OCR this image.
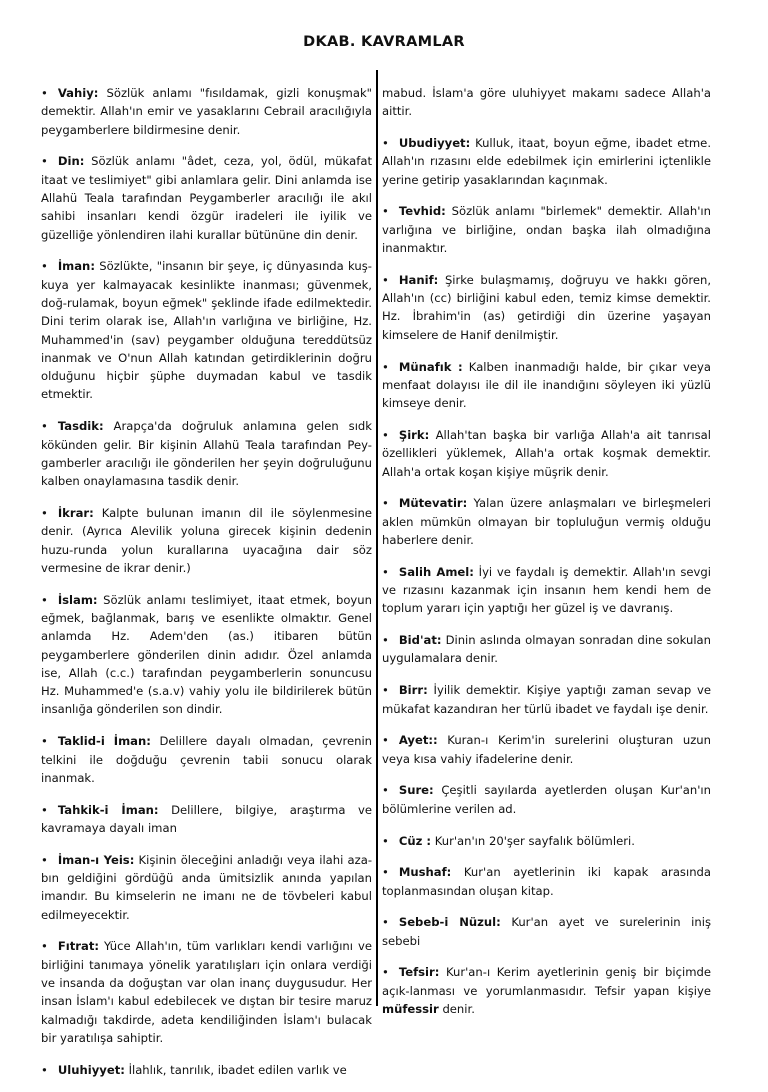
DKAB. KAVRAMLAR
• Vahiy: Sözlük anlamı "fısıldamak, gizli konuşmak" demektir. Allah'ın emir ve yasaklarını Cebrail aracılığıyla peygamberlere bildirmesine denir.
• Din: Sözlük anlamı "âdet, ceza, yol, ödül, mükafat itaat ve teslimiyet" gibi anlamlara gelir. Dini anlamda ise Allahü Teala tarafından Peygamberler aracılığı ile akıl sahibi insanları kendi özgür iradeleri ile iyilik ve güzelliğe yönlendiren ilahi kurallar bütününe din denir.
• İman: Sözlükte, "insanın bir şeye, iç dünyasında kuş-kuya yer kalmayacak kesinlikte inanması; güvenmek, doğ-rulamak, boyun eğmek" şeklinde ifade edilmektedir. Dini terim olarak ise, Allah'ın varlığına ve birliğine, Hz. Muhammed'in (sav) peygamber olduğuna tereddütsüz inanmak ve O'nun Allah katından getirdiklerinin doğru olduğunu hiçbir şüphe duymadan kabul ve tasdik etmektir.
• Tasdik: Arapça'da doğruluk anlamına gelen sıdk kökünden gelir. Bir kişinin Allahü Teala tarafından Pey-gamberler aracılığı ile gönderilen her şeyin doğruluğunu kalben onaylamasına tasdik denir.
• İkrar: Kalpte bulunan imanın dil ile söylenmesine denir. (Ayrıca Alevilik yoluna girecek kişinin dedenin huzu-runda yolun kurallarına uyacağına dair söz vermesine de ikrar denir.)
• İslam: Sözlük anlamı teslimiyet, itaat etmek, boyun eğmek, bağlanmak, barış ve esenlikte olmaktır. Genel anlamda Hz. Adem'den (as.) itibaren bütün peygamberlere gönderilen dinin adıdır. Özel anlamda ise, Allah (c.c.) tarafından peygamberlerin sonuncusu Hz. Muhammed'e (s.a.v) vahiy yolu ile bildirilerek bütün insanlığa gönderilen son dindir.
• Taklid-i İman: Delillere dayalı olmadan, çevrenin telkini ile doğduğu çevrenin tabii sonucu olarak inanmak.
• Tahkik-i İman: Delillere, bilgiye, araştırma ve kavramaya dayalı iman
• İman-ı Yeis: Kişinin öleceğini anladığı veya ilahi aza-bın geldiğini gördüğü anda ümitsizlik anında yapılan imandır. Bu kimselerin ne imanı ne de tövbeleri kabul edilmeyecektir.
• Fıtrat: Yüce Allah'ın, tüm varlıkları kendi varlığını ve birliğini tanımaya yönelik yaratılışları için onlara verdiği ve insanda da doğuştan var olan inanç duygusudur. Her insan İslam'ı kabul edebilecek ve dıştan bir tesire maruz kalmadığı takdirde, adeta kendiliğinden İslam'ı bulacak bir yaratılışa sahiptir.
• Uluhiyyet: İlahlık, tanrılık, ibadet edilen varlık ve
mabud. İslam'a göre uluhiyyet makamı sadece Allah'a aittir.
• Ubudiyyet: Kulluk, itaat, boyun eğme, ibadet etme. Allah'ın rızasını elde edebilmek için emirlerini içtenlikle yerine getirip yasaklarından kaçınmak.
• Tevhid: Sözlük anlamı "birlemek" demektir. Allah'ın varlığına ve birliğine, ondan başka ilah olmadığına inanmaktır.
• Hanif: Şirke bulaşmamış, doğruyu ve hakkı gören, Allah'ın (cc) birliğini kabul eden, temiz kimse demektir. Hz. İbrahim'in (as) getirdiği din üzerine yaşayan kimselere de Hanif denilmiştir.
• Münafık : Kalben inanmadığı halde, bir çıkar veya menfaat dolayısı ile dil ile inandığını söyleyen iki yüzlü kimseye denir.
• Şirk: Allah'tan başka bir varlığa Allah'a ait tanrısal özellikleri yüklemek, Allah'a ortak koşmak demektir. Allah'a ortak koşan kişiye müşrik denir.
• Mütevatir: Yalan üzere anlaşmaları ve birleşmeleri aklen mümkün olmayan bir topluluğun vermiş olduğu haberlere denir.
• Salih Amel: İyi ve faydalı iş demektir. Allah'ın sevgi ve rızasını kazanmak için insanın hem kendi hem de toplum yararı için yaptığı her güzel iş ve davranış.
• Bid'at: Dinin aslında olmayan sonradan dine sokulan uygulamalara denir.
• Birr: İyilik demektir. Kişiye yaptığı zaman sevap ve mükafat kazandıran her türlü ibadet ve faydalı işe denir.
• Ayet:: Kuran-ı Kerim'in surelerini oluşturan uzun veya kısa vahiy ifadelerine denir.
• Sure: Çeşitli sayılarda ayetlerden oluşan Kur'an'ın bölümlerine verilen ad.
• Cüz : Kur'an'ın 20'şer sayfalık bölümleri.
• Mushaf: Kur'an ayetlerinin iki kapak arasında toplanmasından oluşan kitap.
• Sebeb-i Nüzul: Kur'an ayet ve surelerinin iniş sebebi
• Tefsir: Kur'an-ı Kerim ayetlerinin geniş bir biçimde açık-lanması ve yorumlanmasıdır. Tefsir yapan kişiye müfessir denir.
